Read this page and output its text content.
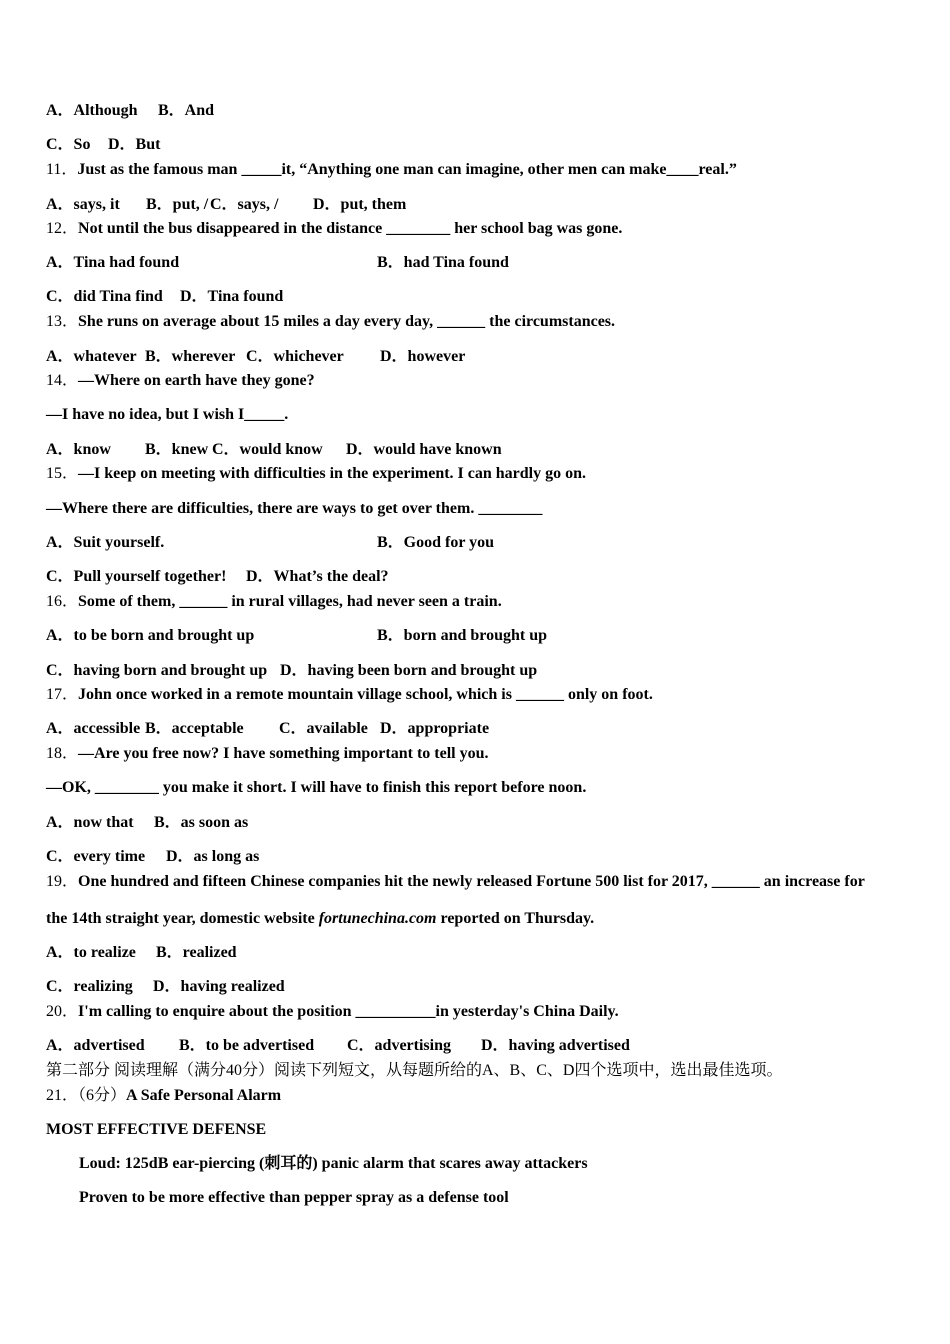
A．Although B．And
C．So D．But
11．Just as the famous man _____it, “Anything one man can imagine, other men can make____real.”
A．says, it B．put, / C．says, / D．put, them
12．Not until the bus disappeared in the distance ________ her school bag was gone.
A．Tina had found	B．had Tina found
C．did Tina find D．Tina found
13．She runs on average about 15 miles a day every day, ______ the circumstances.
A．whatever B．wherever C．whichever D．however
14．—Where on earth have they gone?
—I have no idea, but I wish I_____.
A．know B．knew C．would know D．would have known
15．—I keep on meeting with difficulties in the experiment. I can hardly go on.
—Where there are difficulties, there are ways to get over them. ________
A．Suit yourself.	B．Good for you
C．Pull yourself together! D．What’s the deal?
16．Some of them, ______ in rural villages, had never seen a train.
A．to be born and brought up	B．born and brought up
C．having born and brought up D．having been born and brought up
17．John once worked in a remote mountain village school, which is ______ only on foot.
A．accessible B．acceptable C．available D．appropriate
18．—Are you free now? I have something important to tell you.
—OK, ________ you make it short. I will have to finish this report before noon.
A．now that B．as soon as
C．every time D．as long as
19．One hundred and fifteen Chinese companies hit the newly released Fortune 500 list for 2017, ______ an increase for
the 14th straight year, domestic website fortunechina.com reported on Thursday.
A．to realize B．realized
C．realizing D．having realized
20．I'm calling to enquire about the position __________in yesterday's China Daily.
A．advertised B．to be advertised C．advertising D．having advertised
第二部分 阅读理解（满分40分）阅读下列短文，从每题所给的A、B、C、D四个选项中，选出最佳选项。
21．（6分）A Safe Personal Alarm
MOST EFFECTIVE DEFENSE
Loud: 125dB ear-piercing (刺耳的) panic alarm that scares away attackers
Proven to be more effective than pepper spray as a defense tool
